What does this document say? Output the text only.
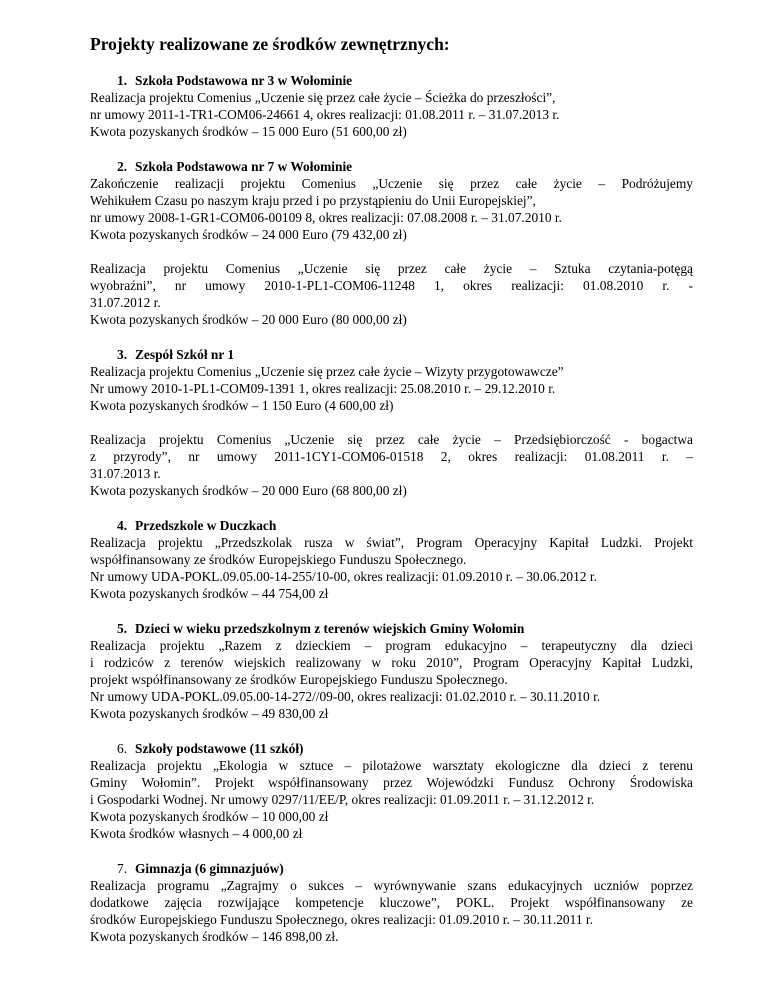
Projekty realizowane ze środków zewnętrznych:
1. Szkoła Podstawowa nr 3 w Wołominie
Realizacja projektu Comenius „Uczenie się przez całe życie – Ścieżka do przeszłości”,
nr umowy 2011-1-TR1-COM06-24661 4, okres realizacji: 01.08.2011 r. – 31.07.2013 r.
Kwota pozyskanych środków – 15 000 Euro (51 600,00 zł)
2. Szkoła Podstawowa nr 7 w Wołominie
Zakończenie realizacji projektu Comenius „Uczenie się przez całe życie – Podróżujemy
Wehikułem Czasu po naszym kraju przed i po przystąpieniu do Unii Europejskiej”,
nr umowy 2008-1-GR1-COM06-00109 8, okres realizacji: 07.08.2008 r. – 31.07.2010 r.
Kwota pozyskanych środków – 24 000 Euro (79 432,00 zł)
Realizacja projektu Comenius „Uczenie się przez całe życie – Sztuka czytania-potęgą
wyobraźni”, nr umowy 2010-1-PL1-COM06-11248 1, okres realizacji: 01.08.2010 r. -
31.07.2012 r.
Kwota pozyskanych środków – 20 000 Euro (80 000,00 zł)
3. Zespół Szkół nr 1
Realizacja projektu Comenius „Uczenie się przez całe życie – Wizyty przygotowawcze”
Nr umowy 2010-1-PL1-COM09-1391 1, okres realizacji: 25.08.2010 r. – 29.12.2010 r.
Kwota pozyskanych środków – 1 150 Euro (4 600,00 zł)
Realizacja projektu Comenius „Uczenie się przez całe życie – Przedsiębiorczość - bogactwa
z przyrody”, nr umowy 2011-1CY1-COM06-01518 2, okres realizacji: 01.08.2011 r. –
31.07.2013 r.
Kwota pozyskanych środków – 20 000 Euro (68 800,00 zł)
4. Przedszkole w Duczkach
Realizacja projektu „Przedszkolak rusza w świat”, Program Operacyjny Kapitał Ludzki. Projekt
współfinansowany ze środków Europejskiego Funduszu Społecznego.
Nr umowy UDA-POKL.09.05.00-14-255/10-00, okres realizacji: 01.09.2010 r. – 30.06.2012 r.
Kwota pozyskanych środków – 44 754,00 zł
5. Dzieci w wieku przedszkolnym z terenów wiejskich Gminy Wołomin
Realizacja projektu „Razem z dzieckiem – program edukacyjno – terapeutyczny dla dzieci
i rodziców z terenów wiejskich realizowany w roku 2010”, Program Operacyjny Kapitał Ludzki,
projekt współfinansowany ze środków Europejskiego Funduszu Społecznego.
Nr umowy UDA-POKL.09.05.00-14-272//09-00, okres realizacji: 01.02.2010 r. – 30.11.2010 r.
Kwota pozyskanych środków – 49 830,00 zł
6. Szkoły podstawowe (11 szkół)
Realizacja projektu „Ekologia w sztuce – pilotażowe warsztaty ekologiczne dla dzieci z terenu
Gminy Wołomin”. Projekt współfinansowany przez Wojewódzki Fundusz Ochrony Środowiska
i Gospodarki Wodnej. Nr umowy 0297/11/EE/P, okres realizacji: 01.09.2011 r. – 31.12.2012 r.
Kwota pozyskanych środków – 10 000,00 zł
Kwota środków własnych – 4 000,00 zł
7. Gimnazja (6 gimnazjuów)
Realizacja programu „Zagrajmy o sukces – wyrównywanie szans edukacyjnych uczniów poprzez
dodatkowe zajęcia rozwijające kompetencje kluczowe”, POKL. Projekt współfinansowany ze
środków Europejskiego Funduszu Społecznego, okres realizacji: 01.09.2010 r. – 30.11.2011 r.
Kwota pozyskanych środków – 146 898,00 zł.
